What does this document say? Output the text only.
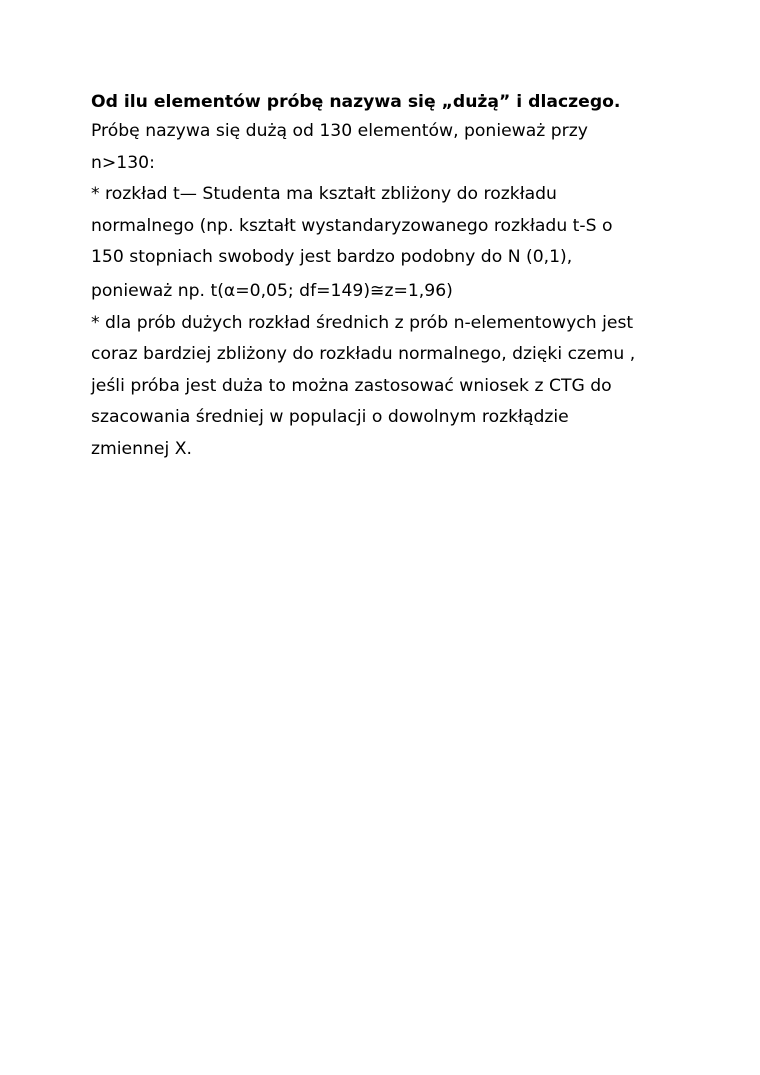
Od ilu elementów próbę nazywa się „dużą” i dlaczego.
Próbę nazywa się dużą od 130 elementów, ponieważ przy
n>130:
* rozkład t— Studenta ma kształt zbliżony do rozkładu
normalnego (np. kształt wystandaryzowanego rozkładu t-S o
150 stopniach swobody jest bardzo podobny do N (0,1),
ponieważ np. t(α=0,05; df=149)≅z=1,96)
* dla prób dużych rozkład średnich z prób n-elementowych jest
coraz bardziej zbliżony do rozkładu normalnego, dzięki czemu ,
jeśli próba jest duża to można zastosować wniosek z CTG do
szacowania średniej w populacji o dowolnym rozkłądzie
zmiennej X.
